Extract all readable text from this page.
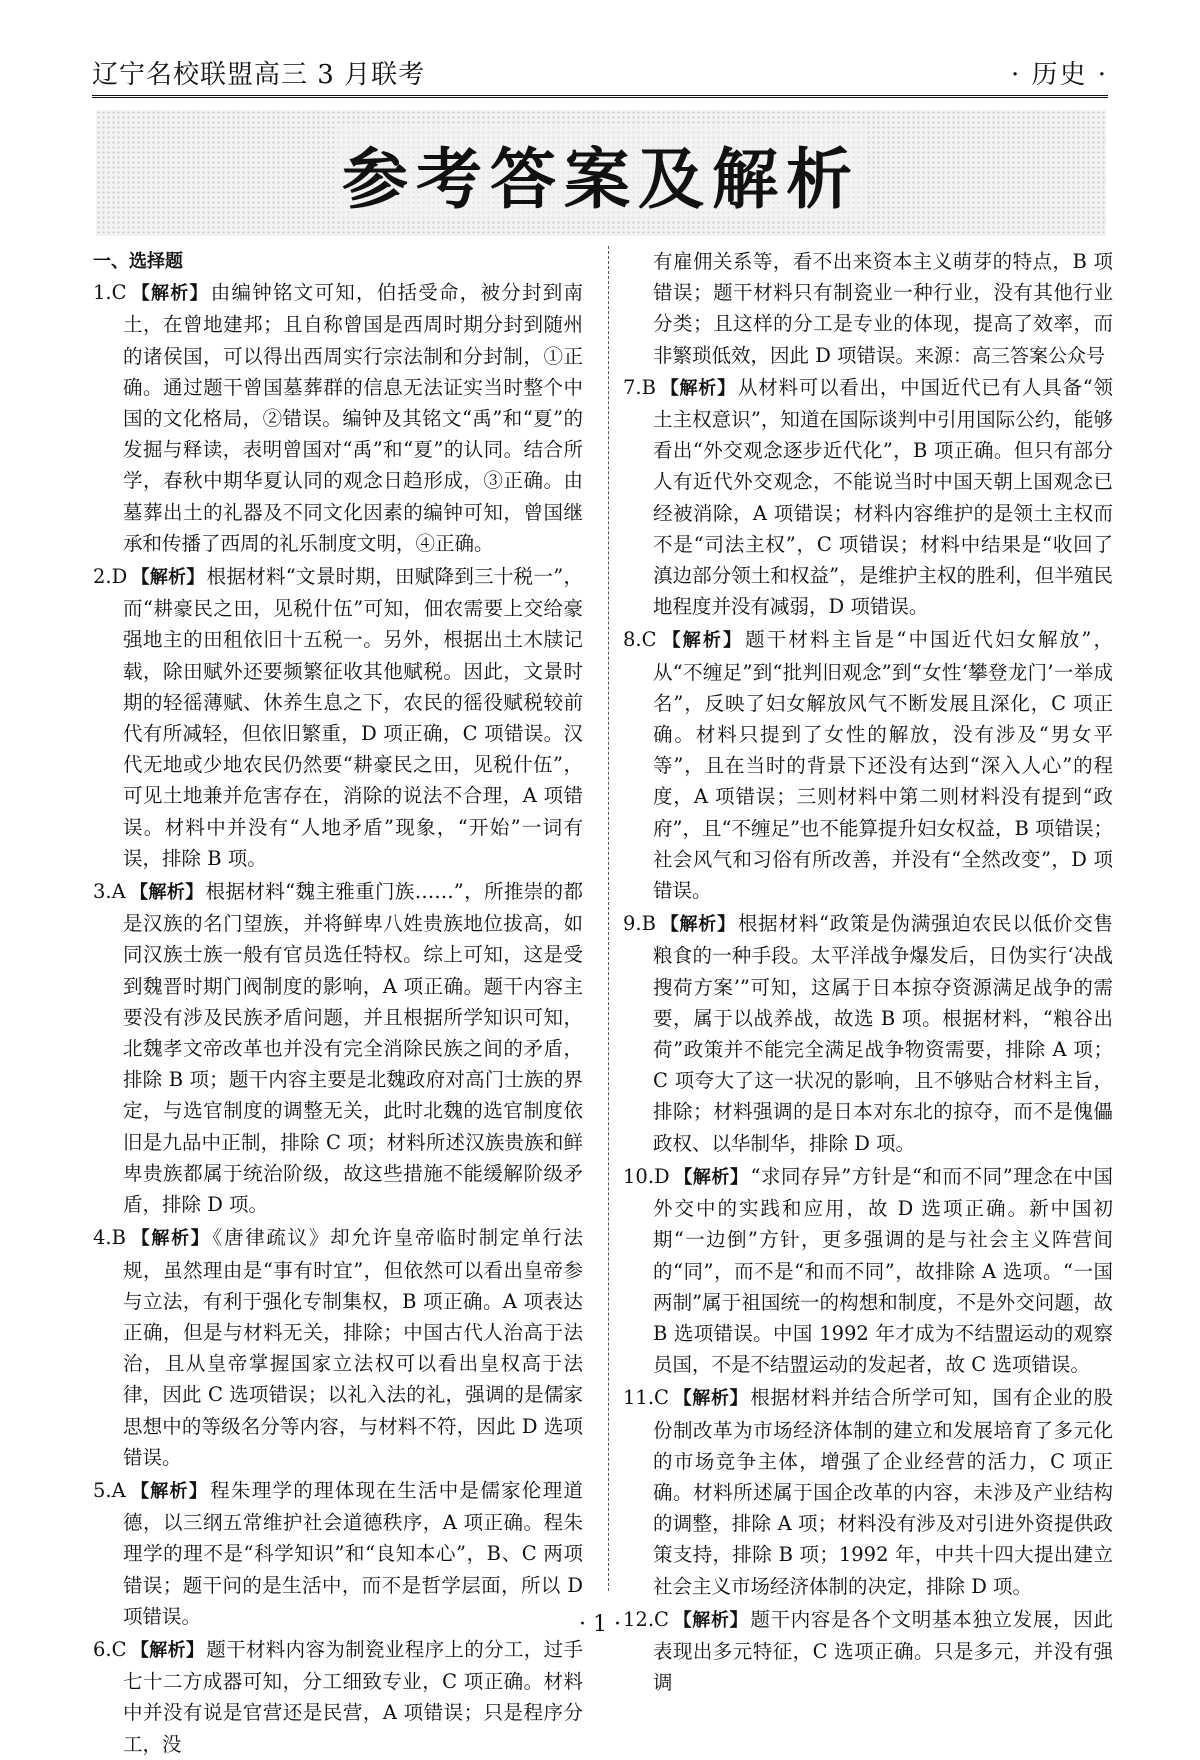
辽宁名校联盟高三 3 月联考	· 历史 ·
参考答案及解析
一、选择题

1.C 【解析】 由编钟铭文可知，伯括受命，被分封到南土，在曾地建邦；且自称曾国是西周时期分封到随州的诸侯国，可以得出西周实行宗法制和分封制，①正确。通过题干曾国墓葬群的信息无法证实当时整个中国的文化格局，②错误。编钟及其铭文“禹”和“夏”的发掘与释读，表明曾国对“禹”和“夏”的认同。结合所学，春秋中期华夏认同的观念日趋形成，③正确。由墓葬出土的礼器及不同文化因素的编钟可知，曾国继承和传播了西周的礼乐制度文明，④正确。

2.D 【解析】 根据材料“文景时期，田赋降到三十税一”，而“耕豪民之田，见税什伍”可知，佃农需要上交给豪强地主的田租依旧十五税一。另外，根据出土木牍记载，除田赋外还要频繁征收其他赋税。因此，文景时期的轻徭薄赋、休养生息之下，农民的徭役赋税较前代有所减轻，但依旧繁重，D 项正确，C 项错误。汉代无地或少地农民仍然要“耕豪民之田，见税什伍”，可见土地兼并危害存在，消除的说法不合理，A 项错误。材料中并没有“人地矛盾”现象，“开始”一词有误，排除 B 项。

3.A 【解析】 根据材料“魏主雅重门族……”，所推崇的都是汉族的名门望族，并将鲜卑八姓贵族地位拔高，如同汉族士族一般有官员选任特权。综上可知，这是受到魏晋时期门阀制度的影响，A 项正确。题干内容主要没有涉及民族矛盾问题，并且根据所学知识可知，北魏孝文帝改革也并没有完全消除民族之间的矛盾，排除 B 项；题干内容主要是北魏政府对高门士族的界定，与选官制度的调整无关，此时北魏的选官制度依旧是九品中正制，排除 C 项；材料所述汉族贵族和鲜卑贵族都属于统治阶级，故这些措施不能缓解阶级矛盾，排除 D 项。

4.B 【解析】 《唐律疏议》却允许皇帝临时制定单行法规，虽然理由是“事有时宜”，但依然可以看出皇帝参与立法，有利于强化专制集权，B 项正确。A 项表达正确，但是与材料无关，排除；中国古代人治高于法治，且从皇帝掌握国家立法权可以看出皇权高于法律，因此 C 选项错误；以礼入法的礼，强调的是儒家思想中的等级名分等内容，与材料不符，因此 D 选项错误。

5.A 【解析】 程朱理学的理体现在生活中是儒家伦理道德，以三纲五常维护社会道德秩序，A 项正确。程朱理学的理不是“科学知识”和“良知本心”，B、C 两项错误；题干问的是生活中，而不是哲学层面，所以 D 项错误。

6.C 【解析】 题干材料内容为制瓷业程序上的分工，过手七十二方成器可知，分工细致专业，C 项正确。材料中并没有说是官营还是民营，A 项错误；只是程序分工，没

有雇佣关系等，看不出来资本主义萌芽的特点，B 项错误；题干材料只有制瓷业一种行业，没有其他行业分类；且这样的分工是专业的体现，提高了效率，而非繁琐低效，因此 D 项错误。来源：高三答案公众号

7.B 【解析】 从材料可以看出，中国近代已有人具备“领土主权意识”，知道在国际谈判中引用国际公约，能够看出“外交观念逐步近代化”，B 项正确。但只有部分人有近代外交观念，不能说当时中国天朝上国观念已经被消除，A 项错误；材料内容维护的是领土主权而不是“司法主权”，C 项错误；材料中结果是“收回了滇边部分领土和权益”，是维护主权的胜利，但半殖民地程度并没有减弱，D 项错误。

8.C 【解析】 题干材料主旨是“中国近代妇女解放”，从“不缠足”到“批判旧观念”到“女性‘攀登龙门’一举成名”，反映了妇女解放风气不断发展且深化，C 项正确。材料只提到了女性的解放，没有涉及“男女平等”，且在当时的背景下还没有达到“深入人心”的程度，A 项错误；三则材料中第二则材料没有提到“政府”，且“不缠足”也不能算提升妇女权益，B 项错误；社会风气和习俗有所改善，并没有“全然改变”，D 项错误。

9.B 【解析】 根据材料“政策是伪满强迫农民以低价交售粮食的一种手段。太平洋战争爆发后，日伪实行‘决战搜荷方案’”可知，这属于日本掠夺资源满足战争的需要，属于以战养战，故选 B 项。根据材料，“粮谷出荷”政策并不能完全满足战争物资需要，排除 A 项；C 项夸大了这一状况的影响，且不够贴合材料主旨，排除；材料强调的是日本对东北的掠夺，而不是傀儡政权、以华制华，排除 D 项。

10.D 【解析】 “求同存异”方针是“和而不同”理念在中国外交中的实践和应用，故 D 选项正确。新中国初期“一边倒”方针，更多强调的是与社会主义阵营间的“同”，而不是“和而不同”，故排除 A 选项。“一国两制”属于祖国统一的构想和制度，不是外交问题，故 B 选项错误。中国 1992 年才成为不结盟运动的观察员国，不是不结盟运动的发起者，故 C 选项错误。

11.C 【解析】 根据材料并结合所学可知，国有企业的股份制改革为市场经济体制的建立和发展培育了多元化的市场竞争主体，增强了企业经营的活力，C 项正确。材料所述属于国企改革的内容，未涉及产业结构的调整，排除 A 项；材料没有涉及对引进外资提供政策支持，排除 B 项；1992 年，中共十四大提出建立社会主义市场经济体制的决定，排除 D 项。

12.C 【解析】 题干内容是各个文明基本独立发展，因此表现出多元特征，C 选项正确。只是多元，并没有强调

· 1 ·
